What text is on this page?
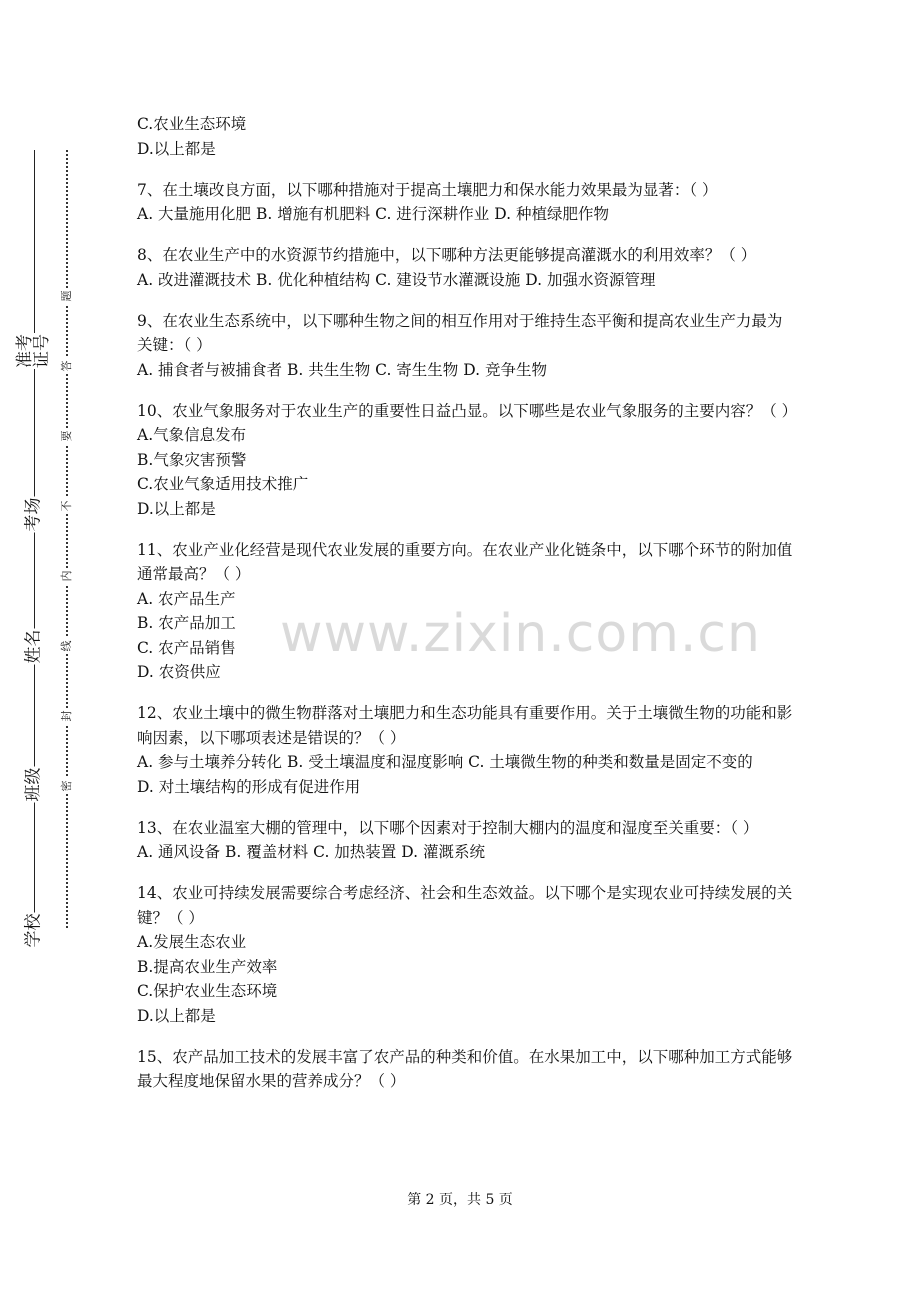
准考证号
考场
姓名
班级
学校
题
答
要
不
内
线
封
密
www.zixin.com.cn

C.农业生态环境

D.以上都是

7、在土壤改良方面，以下哪种措施对于提高土壤肥力和保水能力效果最为显著：（ ）

A. 大量施用化肥 B. 增施有机肥料 C. 进行深耕作业 D. 种植绿肥作物

8、在农业生产中的水资源节约措施中，以下哪种方法更能够提高灌溉水的利用效率？（ ）

A. 改进灌溉技术 B. 优化种植结构 C. 建设节水灌溉设施 D. 加强水资源管理

9、在农业生态系统中，以下哪种生物之间的相互作用对于维持生态平衡和提高农业生产力最为关键：（ ）

A. 捕食者与被捕食者 B. 共生生物 C. 寄生生物 D. 竞争生物

10、农业气象服务对于农业生产的重要性日益凸显。以下哪些是农业气象服务的主要内容？（ ）

A.气象信息发布

B.气象灾害预警

C.农业气象适用技术推广

D.以上都是

11、农业产业化经营是现代农业发展的重要方向。在农业产业化链条中，以下哪个环节的附加值通常最高？（ ）

A. 农产品生产

B. 农产品加工

C. 农产品销售

D. 农资供应

12、农业土壤中的微生物群落对土壤肥力和生态功能具有重要作用。关于土壤微生物的功能和影响因素，以下哪项表述是错误的？（ ）

A. 参与土壤养分转化 B. 受土壤温度和湿度影响 C. 土壤微生物的种类和数量是固定不变的

D. 对土壤结构的形成有促进作用

13、在农业温室大棚的管理中，以下哪个因素对于控制大棚内的温度和湿度至关重要：（ ）

A. 通风设备 B. 覆盖材料 C. 加热装置 D. 灌溉系统

14、农业可持续发展需要综合考虑经济、社会和生态效益。以下哪个是实现农业可持续发展的关键？（ ）

A.发展生态农业

B.提高农业生产效率

C.保护农业生态环境

D.以上都是

15、农产品加工技术的发展丰富了农产品的种类和价值。在水果加工中，以下哪种加工方式能够最大程度地保留水果的营养成分？（ ）

第 2 页，共 5 页
